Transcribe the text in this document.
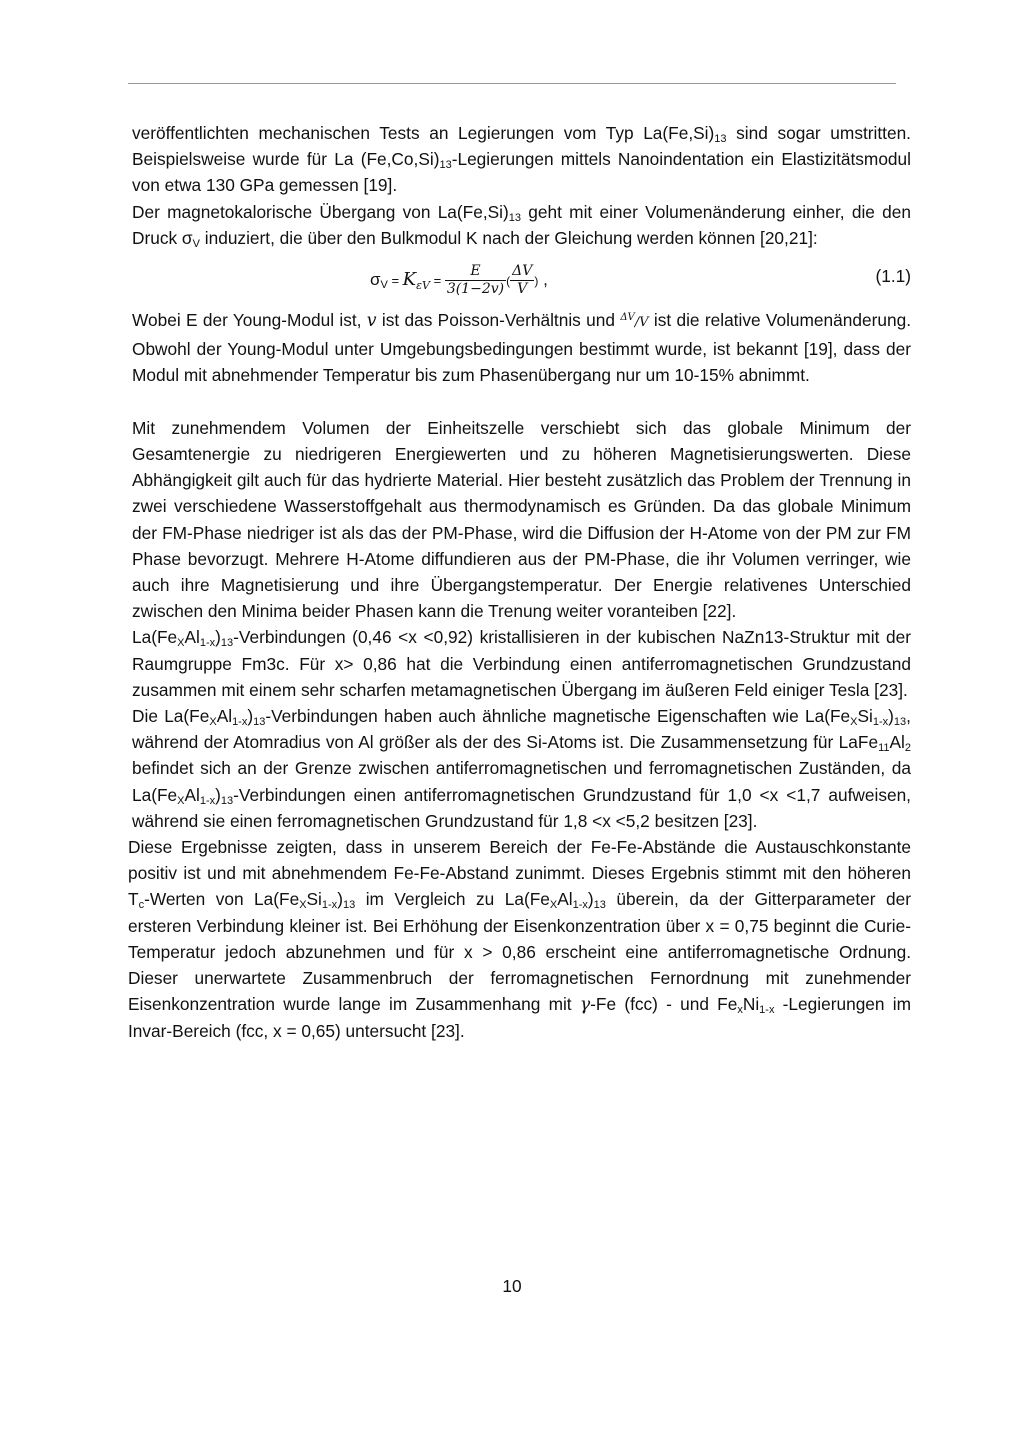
veröffentlichten mechanischen Tests an Legierungen vom Typ $La(Fe,Si)_{13}$ sind sogar umstritten. Beispielsweise wurde für La $(Fe,Co,Si)_{13}$-Legierungen mittels Nanoindentation ein Elastizitätsmodul von etwa 130 GPa gemessen [19].

Der magnetokalorische Übergang von $La(Fe,Si)_{13}$ geht mit einer Volumenänderung einher, die den Druck $\sigma_V$ induziert, die über den Bulkmodul K nach der Gleichung werden können [20,21]:

$\sigma_V = K_{\varepsilon V} = \frac{E}{3(1-2v)}$ ( $\frac{\Delta V}{V}$ ) ,	(1.1)

Wobei E der Young-Modul ist, v ist das Poisson-Verhältnis und $^{\Delta V}$/V ist die relative Volumenänderung. Obwohl der Young-Modul unter Umgebungsbedingungen bestimmt wurde, ist bekannt [19], dass der Modul mit abnehmender Temperatur bis zum Phasenübergang nur um 10-15% abnimmt.

Mit zunehmendem Volumen der Einheitszelle verschiebt sich das globale Minimum der Gesamtenergie zu niedrigeren Energiewerten und zu höheren Magnetisierungswerten. Diese Abhängigkeit gilt auch für das hydrierte Material. Hier besteht zusätzlich das Problem der Trennung in zwei verschiedene Wasserstoffgehalt aus thermodynamisch es Gründen. Da das globale Minimum der FM-Phase niedriger ist als das der PM-Phase, wird die Diffusion der H-Atome von der PM zur FM Phase bevorzugt. Mehrere H-Atome diffundieren aus der PM-Phase, die ihr Volumen verringer, wie auch ihre Magnetisierung und ihre Übergangstemperatur. Der Energie relativenes Unterschied zwischen den Minima beider Phasen kann die Trenung weiter voranteiben [22].

$La(Fe_XAl_{1-x})_{13}$-Verbindungen (0,46 <x <0,92) kristallisieren in der kubischen NaZn13-Struktur mit der Raumgruppe Fm3c. Für x> 0,86 hat die Verbindung einen antiferromagnetischen Grundzustand zusammen mit einem sehr scharfen metamagnetischen Übergang im äußeren Feld einiger Tesla [23].

Die $La(Fe_XAl_{1-x})_{13}$-Verbindungen haben auch ähnliche magnetische Eigenschaften wie $La(Fe_XSi_{1-x})_{13}$, während der Atomradius von Al größer als der des Si-Atoms ist. Die Zusammensetzung für $LaFe_{11}Al_2$ befindet sich an der Grenze zwischen antiferromagnetischen und ferromagnetischen Zuständen, da $La(Fe_XAl_{1-x})_{13}$-Verbindungen einen antiferromagnetischen Grundzustand für 1,0 <x <1,7 aufweisen, während sie einen ferromagnetischen Grundzustand für 1,8 <x <5,2 besitzen [23].

Diese Ergebnisse zeigten, dass in unserem Bereich der Fe-Fe-Abstände die Austauschkonstante positiv ist und mit abnehmendem Fe-Fe-Abstand zunimmt. Dieses Ergebnis stimmt mit den höheren $T_c$-Werten von $La(Fe_XSi_{1-x})_{13}$ im Vergleich zu $La(Fe_XAl_{1-x})_{13}$ überein, da der Gitterparameter der ersteren Verbindung kleiner ist. Bei Erhöhung der Eisenkonzentration über x = 0,75 beginnt die Curie-Temperatur jedoch abzunehmen und für x > 0,86 erscheint eine antiferromagnetische Ordnung. Dieser unerwartete Zusammenbruch der ferromagnetischen Fernordnung mit zunehmender Eisenkonzentration wurde lange im Zusammenhang mit γ-Fe (fcc) - und $Fe_xNi_{1-x}$ -Legierungen im Invar-Bereich (fcc, x = 0,65) untersucht [23].

10
